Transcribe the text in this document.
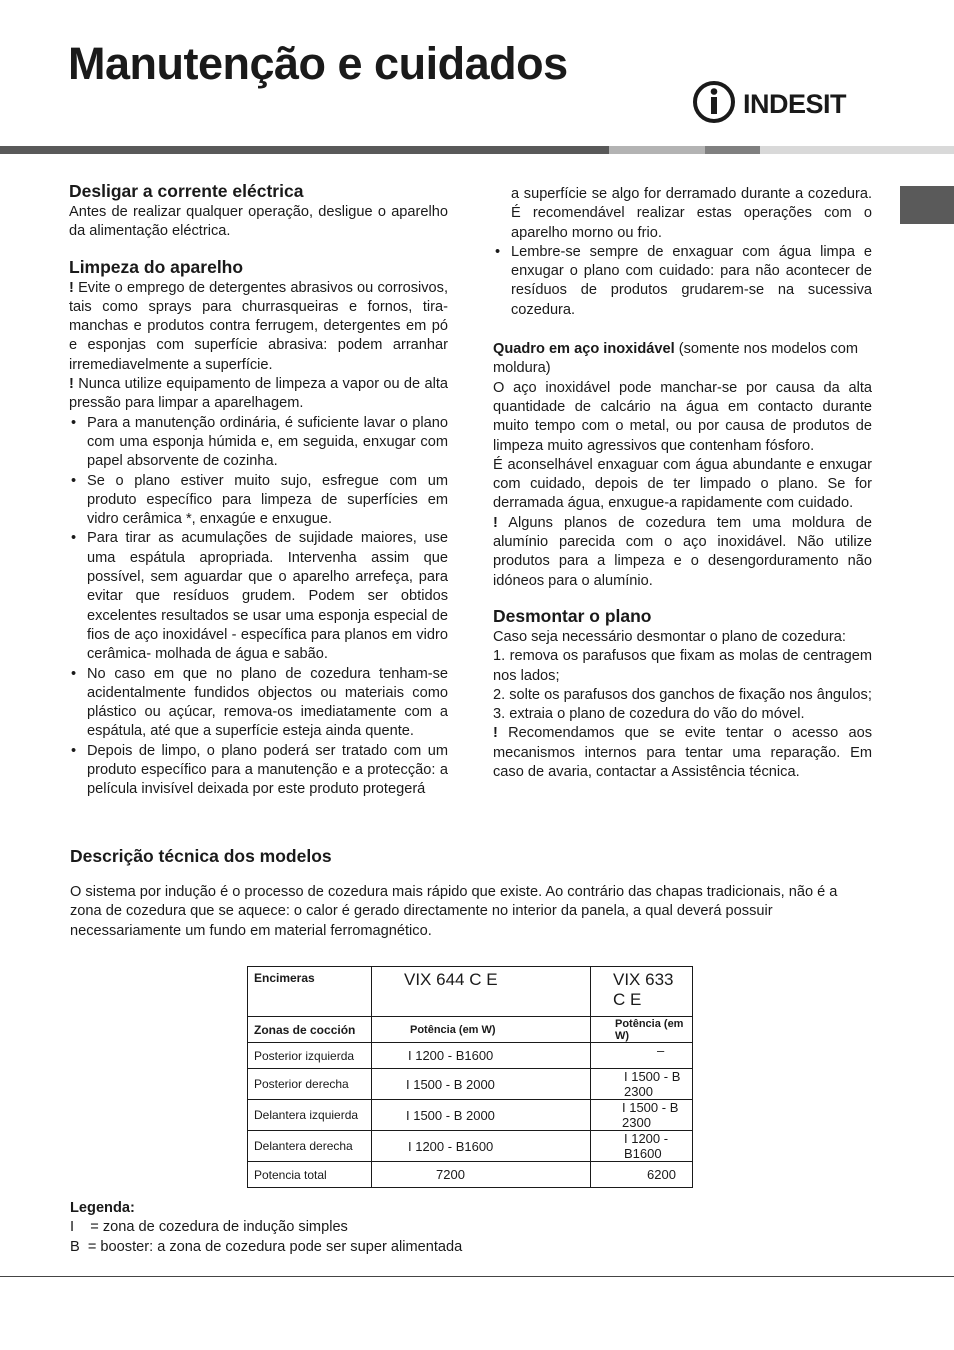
Manutenção e cuidados
INDESIT
Desligar a corrente eléctrica

Antes de realizar qualquer operação, desligue o aparelho da alimentação eléctrica.

Limpeza do aparelho

! Evite o emprego de detergentes abrasivos ou corrosivos, tais como sprays para churrasqueiras e fornos, tira-manchas e produtos contra ferrugem, detergentes em pó e esponjas com superfície abrasiva: podem arranhar irremediavelmente a superfície.

! Nunca utilize equipamento de limpeza a vapor ou de alta pressão para limpar a aparelhagem.

• Para a manutenção ordinária, é suficiente lavar o plano com uma esponja húmida e, em seguida, enxugar com papel absorvente de cozinha.
• Se o plano estiver muito sujo, esfregue com um produto específico para limpeza de superfícies em vidro cerâmica *, enxagúe e enxugue.
• Para tirar as acumulações de sujidade maiores, use uma espátula apropriada. Intervenha assim que possível, sem aguardar que o aparelho arrefeça, para evitar que resíduos grudem. Podem ser obtidos excelentes resultados se usar uma esponja especial de fios de aço inoxidável - específica para planos em vidro cerâmica- molhada de água e sabão.
• No caso em que no plano de cozedura tenham-se acidentalmente fundidos objectos ou materiais como plástico ou açúcar, remova-os imediatamente com a espátula, até que a superfície esteja ainda quente.
• Depois de limpo, o plano poderá ser tratado com um produto específico para a manutenção e a protecção: a película invisível deixada por este produto protegerá

a superfície se algo for derramado durante a cozedura. É recomendável realizar estas operações com o aparelho morno ou frio.

• Lembre-se sempre de enxaguar com água limpa e enxugar o plano com cuidado: para não acontecer de resíduos de produtos grudarem-se na sucessiva cozedura.

Quadro em aço inoxidável (somente nos modelos com moldura)

O aço inoxidável pode manchar-se por causa da alta quantidade de calcário na água em contacto durante muito tempo com o metal, ou por causa de produtos de limpeza muito agressivos que contenham fósforo.

É aconselhável enxaguar com água abundante e enxugar com cuidado, depois de ter limpado o plano. Se for derramada água, enxugue-a rapidamente com cuidado.

! Alguns planos de cozedura tem uma moldura de alumínio parecida com o aço inoxidável. Não utilize produtos para a limpeza e o desengorduramento não idóneos para o alumínio.

Desmontar o plano

Caso seja necessário desmontar o plano de cozedura:

1. remova os parafusos que fixam as molas de centragem nos lados;

2. solte os parafusos dos ganchos de fixação nos ângulos;

3. extraia o plano de cozedura do vão do móvel.

! Recomendamos que se evite tentar o acesso aos mecanismos internos para tentar uma reparação. Em caso de avaria, contactar a Assistência técnica.

Descrição técnica dos modelos

O sistema por indução é o processo de cozedura mais rápido que existe. Ao contrário das chapas tradicionais, não é a zona de cozedura que se aquece: o calor é gerado directamente no interior da panela, a qual deverá possuir necessariamente um fundo em material ferromagnético.

Encimeras	VIX 644 C E	VIX 633 C E

Zonas de cocción	Potência (em W)	Potência (em W)
Posterior izquierda	I 1200 - B1600	–
Posterior derecha	I 1500 - B 2000	I 1500 - B 2300
Delantera izquierda	I 1500 - B 2000	I 1500 - B 2300
Delantera derecha	I 1200 - B1600	I 1200 - B1600
Potencia total	7200	6200
Legenda:
I    = zona de cozedura de indução simples
B  = booster: a zona de cozedura pode ser super alimentada
